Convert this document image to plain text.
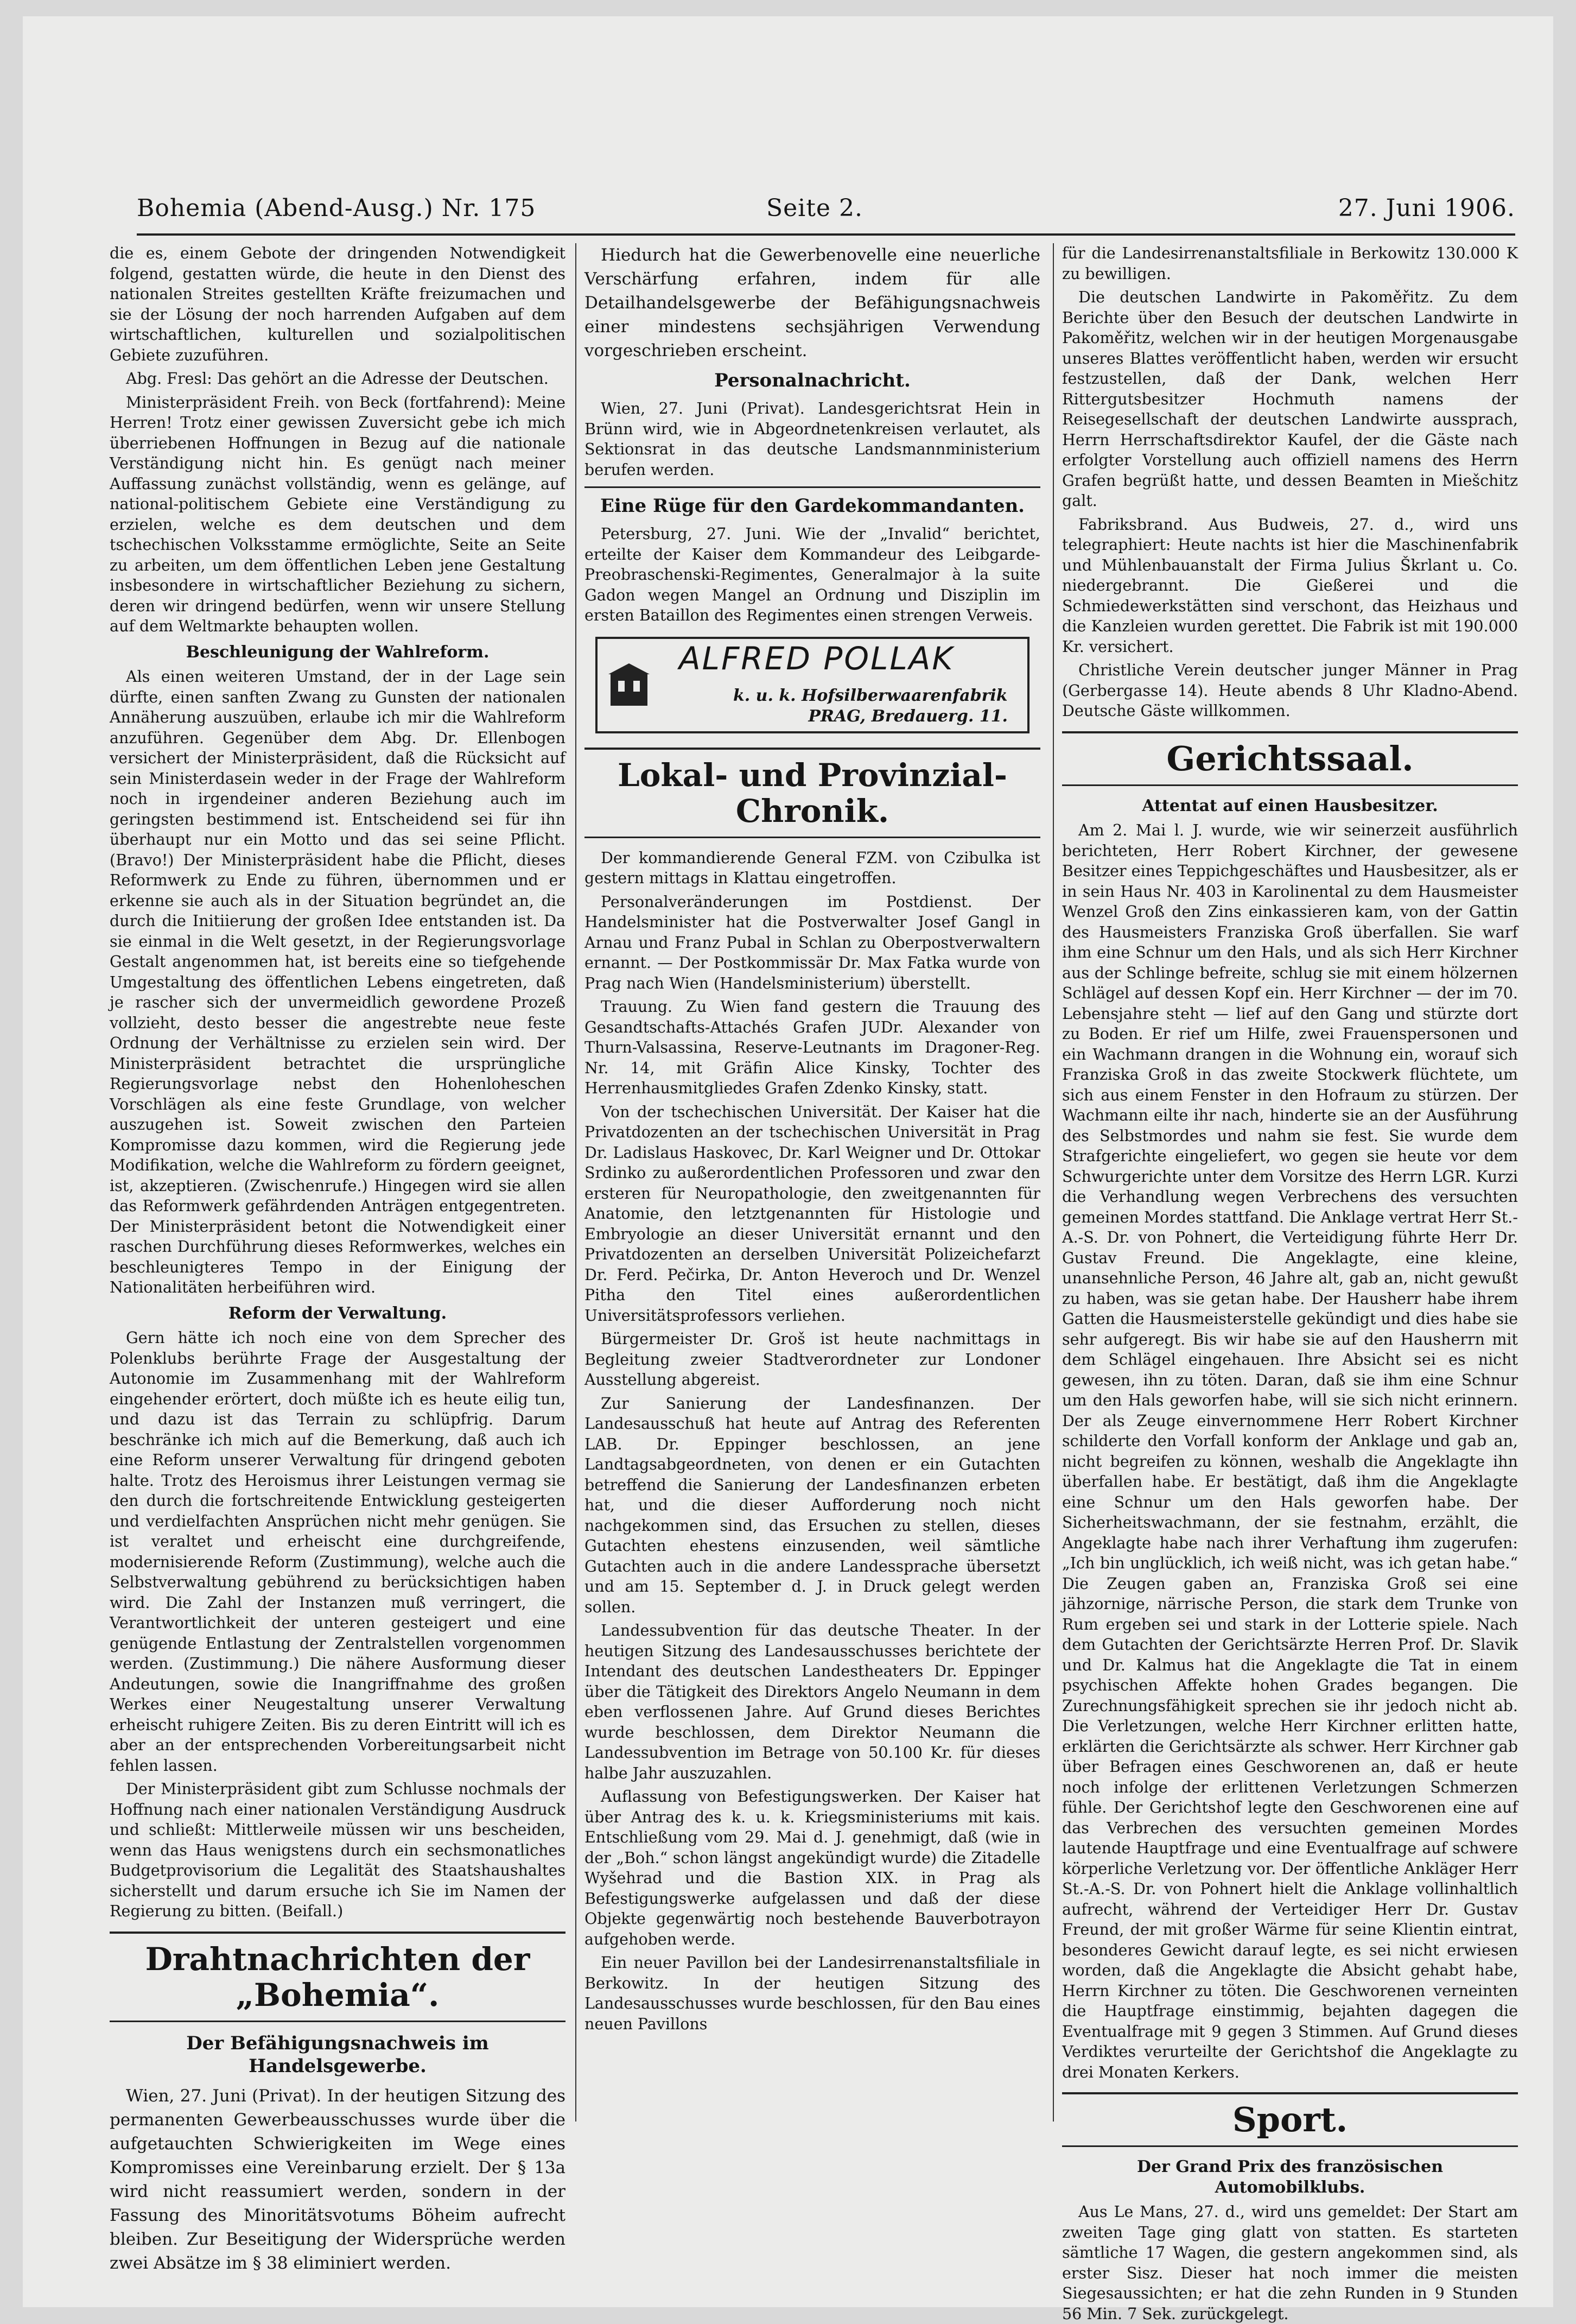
Bohemia (Abend-Ausg.) Nr. 175	Seite 2.	27. Juni 1906.

die es, einem Gebote der dringenden Notwendigkeit folgend, gestatten würde, die heute in den Dienst des nationalen Streites gestellten Kräfte freizumachen und sie der Lösung der noch harrenden Aufgaben auf dem wirtschaftlichen, kulturellen und sozialpolitischen Gebiete zuzuführen.

Abg. Fresl: Das gehört an die Adresse der Deutschen.

Ministerpräsident Freih. von Beck (fortfahrend): Meine Herren! Trotz einer gewissen Zuversicht gebe ich mich überriebenen Hoffnungen in Bezug auf die nationale Verständigung nicht hin. Es genügt nach meiner Auffassung zunächst vollständig, wenn es gelänge, auf national-politischem Gebiete eine Verständigung zu erzielen, welche es dem deutschen und dem tschechischen Volksstamme ermöglichte, Seite an Seite zu arbeiten, um dem öffentlichen Leben jene Gestaltung insbesondere in wirtschaftlicher Beziehung zu sichern, deren wir dringend bedürfen, wenn wir unsere Stellung auf dem Weltmarkte behaupten wollen.

Beschleunigung der Wahlreform.

Als einen weiteren Umstand, der in der Lage sein dürfte, einen sanften Zwang zu Gunsten der nationalen Annäherung auszuüben, erlaube ich mir die Wahlreform anzuführen. Gegenüber dem Abg. Dr. Ellenbogen versichert der Ministerpräsident, daß die Rücksicht auf sein Ministerdasein weder in der Frage der Wahlreform noch in irgendeiner anderen Beziehung auch im geringsten bestimmend ist. Entscheidend sei für ihn überhaupt nur ein Motto und das sei seine Pflicht. (Bravo!) Der Ministerpräsident habe die Pflicht, dieses Reformwerk zu Ende zu führen, übernommen und er erkenne sie auch als in der Situation begründet an, die durch die Initiierung der großen Idee entstanden ist. Da sie einmal in die Welt gesetzt, in der Regierungsvorlage Gestalt angenommen hat, ist bereits eine so tiefgehende Umgestaltung des öffentlichen Lebens eingetreten, daß je rascher sich der unvermeidlich gewordene Prozeß vollzieht, desto besser die angestrebte neue feste Ordnung der Verhältnisse zu erzielen sein wird. Der Ministerpräsident betrachtet die ursprüngliche Regierungsvorlage nebst den Hohenloheschen Vorschlägen als eine feste Grundlage, von welcher auszugehen ist. Soweit zwischen den Parteien Kompromisse dazu kommen, wird die Regierung jede Modifikation, welche die Wahlreform zu fördern geeignet, ist, akzeptieren. (Zwischenrufe.) Hingegen wird sie allen das Reformwerk gefährdenden Anträgen entgegentreten. Der Ministerpräsident betont die Notwendigkeit einer raschen Durchführung dieses Reformwerkes, welches ein beschleunigteres Tempo in der Einigung der Nationalitäten herbeiführen wird.

Reform der Verwaltung.

Gern hätte ich noch eine von dem Sprecher des Polenklubs berührte Frage der Ausgestaltung der Autonomie im Zusammenhang mit der Wahlreform eingehender erörtert, doch müßte ich es heute eilig tun, und dazu ist das Terrain zu schlüpfrig. Darum beschränke ich mich auf die Bemerkung, daß auch ich eine Reform unserer Verwaltung für dringend geboten halte. Trotz des Heroismus ihrer Leistungen vermag sie den durch die fortschreitende Entwicklung gesteigerten und verdielfachten Ansprüchen nicht mehr genügen. Sie ist veraltet und erheischt eine durchgreifende, modernisierende Reform (Zustimmung), welche auch die Selbstverwaltung gebührend zu berücksichtigen haben wird. Die Zahl der Instanzen muß verringert, die Verantwortlichkeit der unteren gesteigert und eine genügende Entlastung der Zentralstellen vorgenommen werden. (Zustimmung.) Die nähere Ausformung dieser Andeutungen, sowie die Inangriffnahme des großen Werkes einer Neugestaltung unserer Verwaltung erheischt ruhigere Zeiten. Bis zu deren Eintritt will ich es aber an der entsprechenden Vorbereitungsarbeit nicht fehlen lassen.

Der Ministerpräsident gibt zum Schlusse nochmals der Hoffnung nach einer nationalen Verständigung Ausdruck und schließt: Mittlerweile müssen wir uns bescheiden, wenn das Haus wenigstens durch ein sechsmonatliches Budgetprovisorium die Legalität des Staatshaushaltes sicherstellt und darum ersuche ich Sie im Namen der Regierung zu bitten. (Beifall.)

Drahtnachrichten der „Bohemia“.
Der Befähigungsnachweis im Handelsgewerbe.

Wien, 27. Juni (Privat). In der heutigen Sitzung des permanenten Gewerbeausschusses wurde über die aufgetauchten Schwierigkeiten im Wege eines Kompromisses eine Vereinbarung erzielt. Der § 13a wird nicht reassumiert werden, sondern in der Fassung des Minoritätsvotums Böheim aufrecht bleiben. Zur Beseitigung der Widersprüche werden zwei Absätze im § 38 eliminiert werden.

Hiedurch hat die Gewerbenovelle eine neuerliche Verschärfung erfahren, indem für alle Detailhandelsgewerbe der Befähigungsnachweis einer mindestens sechsjährigen Verwendung vorgeschrieben erscheint.

Personalnachricht.

Wien, 27. Juni (Privat). Landesgerichtsrat Hein in Brünn wird, wie in Abgeordnetenkreisen verlautet, als Sektionsrat in das deutsche Landsmannministerium berufen werden.

Eine Rüge für den Gardekommandanten.

Petersburg, 27. Juni. Wie der „Invalid“ berichtet, erteilte der Kaiser dem Kommandeur des Leibgarde-Preobraschenski-Regimentes, Generalmajor à la suite Gadon wegen Mangel an Ordnung und Disziplin im ersten Bataillon des Regimentes einen strengen Verweis.

ALFRED POLLAK
k. u. k. Hofsilberwaarenfabrik
PRAG, Bredauerg. 11.
Lokal- und Provinzial-Chronik.

Der kommandierende General FZM. von Czibulka ist gestern mittags in Klattau eingetroffen.

Personalveränderungen im Postdienst. Der Handelsminister hat die Postverwalter Josef Gangl in Arnau und Franz Pubal in Schlan zu Oberpostverwaltern ernannt. — Der Postkommissär Dr. Max Fatka wurde von Prag nach Wien (Handelsministerium) überstellt.

Trauung. Zu Wien fand gestern die Trauung des Gesandtschafts-Attachés Grafen JUDr. Alexander von Thurn-Valsassina, Reserve-Leutnants im Dragoner-Reg. Nr. 14, mit Gräfin Alice Kinsky, Tochter des Herrenhausmitgliedes Grafen Zdenko Kinsky, statt.

Von der tschechischen Universität. Der Kaiser hat die Privatdozenten an der tschechischen Universität in Prag Dr. Ladislaus Haskovec, Dr. Karl Weigner und Dr. Ottokar Srdinko zu außerordentlichen Professoren und zwar den ersteren für Neuropathologie, den zweitgenannten für Anatomie, den letztgenannten für Histologie und Embryologie an dieser Universität ernannt und den Privatdozenten an derselben Universität Polizeichefarzt Dr. Ferd. Pečirka, Dr. Anton Heveroch und Dr. Wenzel Pitha den Titel eines außerordentlichen Universitätsprofessors verliehen.

Bürgermeister Dr. Groš ist heute nachmittags in Begleitung zweier Stadtverordneter zur Londoner Ausstellung abgereist.

Zur Sanierung der Landesfinanzen. Der Landesausschuß hat heute auf Antrag des Referenten LAB. Dr. Eppinger beschlossen, an jene Landtagsabgeordneten, von denen er ein Gutachten betreffend die Sanierung der Landesfinanzen erbeten hat, und die dieser Aufforderung noch nicht nachgekommen sind, das Ersuchen zu stellen, dieses Gutachten ehestens einzusenden, weil sämtliche Gutachten auch in die andere Landessprache übersetzt und am 15. September d. J. in Druck gelegt werden sollen.

Landessubvention für das deutsche Theater. In der heutigen Sitzung des Landesausschusses berichtete der Intendant des deutschen Landestheaters Dr. Eppinger über die Tätigkeit des Direktors Angelo Neumann in dem eben verflossenen Jahre. Auf Grund dieses Berichtes wurde beschlossen, dem Direktor Neumann die Landessubvention im Betrage von 50.100 Kr. für dieses halbe Jahr auszuzahlen.

Auflassung von Befestigungswerken. Der Kaiser hat über Antrag des k. u. k. Kriegsministeriums mit kais. Entschließung vom 29. Mai d. J. genehmigt, daß (wie in der „Boh.“ schon längst angekündigt wurde) die Zitadelle Wyšehrad und die Bastion XIX. in Prag als Befestigungswerke aufgelassen und daß der diese Objekte gegenwärtig noch bestehende Bauverbotrayon aufgehoben werde.

Ein neuer Pavillon bei der Landesirrenanstaltsfiliale in Berkowitz. In der heutigen Sitzung des Landesausschusses wurde beschlossen, für den Bau eines neuen Pavillons

für die Landesirrenanstaltsfiliale in Berkowitz 130.000 K zu bewilligen.

Die deutschen Landwirte in Pakoměřitz. Zu dem Berichte über den Besuch der deutschen Landwirte in Pakoměřitz, welchen wir in der heutigen Morgenausgabe unseres Blattes veröffentlicht haben, werden wir ersucht festzustellen, daß der Dank, welchen Herr Rittergutsbesitzer Hochmuth namens der Reisegesellschaft der deutschen Landwirte aussprach, Herrn Herrschaftsdirektor Kaufel, der die Gäste nach erfolgter Vorstellung auch offiziell namens des Herrn Grafen begrüßt hatte, und dessen Beamten in Miešchitz galt.

Fabriksbrand. Aus Budweis, 27. d., wird uns telegraphiert: Heute nachts ist hier die Maschinenfabrik und Mühlenbauanstalt der Firma Julius Škrlant u. Co. niedergebrannt. Die Gießerei und die Schmiedewerkstätten sind verschont, das Heizhaus und die Kanzleien wurden gerettet. Die Fabrik ist mit 190.000 Kr. versichert.

Christliche Verein deutscher junger Männer in Prag (Gerbergasse 14). Heute abends 8 Uhr Kladno-Abend. Deutsche Gäste willkommen.

Gerichtssaal.
Attentat auf einen Hausbesitzer.

Am 2. Mai l. J. wurde, wie wir seinerzeit ausführlich berichteten, Herr Robert Kirchner, der gewesene Besitzer eines Teppichgeschäftes und Hausbesitzer, als er in sein Haus Nr. 403 in Karolinental zu dem Hausmeister Wenzel Groß den Zins einkassieren kam, von der Gattin des Hausmeisters Franziska Groß überfallen. Sie warf ihm eine Schnur um den Hals, und als sich Herr Kirchner aus der Schlinge befreite, schlug sie mit einem hölzernen Schlägel auf dessen Kopf ein. Herr Kirchner — der im 70. Lebensjahre steht — lief auf den Gang und stürzte dort zu Boden. Er rief um Hilfe, zwei Frauenspersonen und ein Wachmann drangen in die Wohnung ein, worauf sich Franziska Groß in das zweite Stockwerk flüchtete, um sich aus einem Fenster in den Hofraum zu stürzen. Der Wachmann eilte ihr nach, hinderte sie an der Ausführung des Selbstmordes und nahm sie fest. Sie wurde dem Strafgerichte eingeliefert, wo gegen sie heute vor dem Schwurgerichte unter dem Vorsitze des Herrn LGR. Kurzi die Verhandlung wegen Verbrechens des versuchten gemeinen Mordes stattfand. Die Anklage vertrat Herr St.-A.-S. Dr. von Pohnert, die Verteidigung führte Herr Dr. Gustav Freund. Die Angeklagte, eine kleine, unansehnliche Person, 46 Jahre alt, gab an, nicht gewußt zu haben, was sie getan habe. Der Hausherr habe ihrem Gatten die Hausmeisterstelle gekündigt und dies habe sie sehr aufgeregt. Bis wir habe sie auf den Hausherrn mit dem Schlägel eingehauen. Ihre Absicht sei es nicht gewesen, ihn zu töten. Daran, daß sie ihm eine Schnur um den Hals geworfen habe, will sie sich nicht erinnern. Der als Zeuge einvernommene Herr Robert Kirchner schilderte den Vorfall konform der Anklage und gab an, nicht begreifen zu können, weshalb die Angeklagte ihn überfallen habe. Er bestätigt, daß ihm die Angeklagte eine Schnur um den Hals geworfen habe. Der Sicherheitswachmann, der sie festnahm, erzählt, die Angeklagte habe nach ihrer Verhaftung ihm zugerufen: „Ich bin unglücklich, ich weiß nicht, was ich getan habe.“ Die Zeugen gaben an, Franziska Groß sei eine jähzornige, närrische Person, die stark dem Trunke von Rum ergeben sei und stark in der Lotterie spiele. Nach dem Gutachten der Gerichtsärzte Herren Prof. Dr. Slavik und Dr. Kalmus hat die Angeklagte die Tat in einem psychischen Affekte hohen Grades begangen. Die Zurechnungsfähigkeit sprechen sie ihr jedoch nicht ab. Die Verletzungen, welche Herr Kirchner erlitten hatte, erklärten die Gerichtsärzte als schwer. Herr Kirchner gab über Befragen eines Geschworenen an, daß er heute noch infolge der erlittenen Verletzungen Schmerzen fühle. Der Gerichtshof legte den Geschworenen eine auf das Verbrechen des versuchten gemeinen Mordes lautende Hauptfrage und eine Eventualfrage auf schwere körperliche Verletzung vor. Der öffentliche Ankläger Herr St.-A.-S. Dr. von Pohnert hielt die Anklage vollinhaltlich aufrecht, während der Verteidiger Herr Dr. Gustav Freund, der mit großer Wärme für seine Klientin eintrat, besonderes Gewicht darauf legte, es sei nicht erwiesen worden, daß die Angeklagte die Absicht gehabt habe, Herrn Kirchner zu töten. Die Geschworenen verneinten die Hauptfrage einstimmig, bejahten dagegen die Eventualfrage mit 9 gegen 3 Stimmen. Auf Grund dieses Verdiktes verurteilte der Gerichtshof die Angeklagte zu drei Monaten Kerkers.

Sport.
Der Grand Prix des französischen Automobilklubs.

Aus Le Mans, 27. d., wird uns gemeldet: Der Start am zweiten Tage ging glatt von statten. Es starteten sämtliche 17 Wagen, die gestern angekommen sind, als erster Sisz. Dieser hat noch immer die meisten Siegesaussichten; er hat die zehn Runden in 9 Stunden 56 Min. 7 Sek. zurückgelegt.
